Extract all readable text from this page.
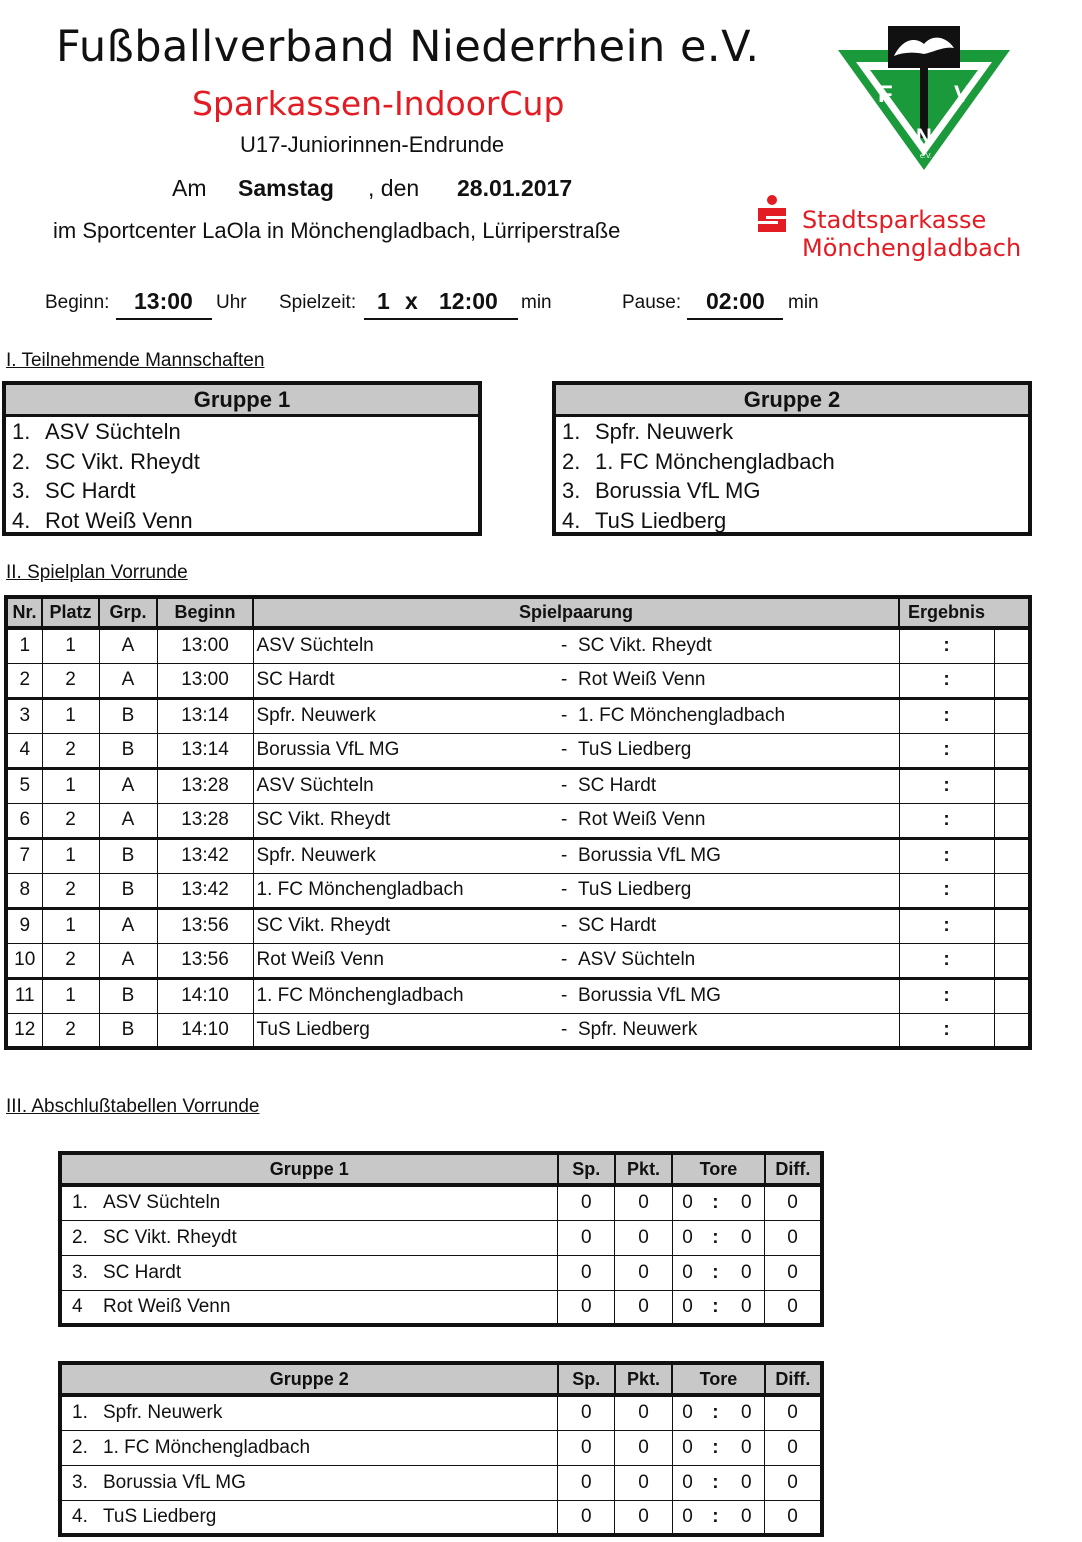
Fußballverband Niederrhein e.V.
Sparkassen-IndoorCup
U17-Juniorinnen-Endrunde
Am Samstag , den 28.01.2017
im Sportcenter LaOla in Mönchengladbach, Lürriperstraße
F	V
N
e.V.
Stadtsparkasse
Mönchengladbach
Beginn: 13:00 Uhr Spielzeit: 1 x 12:00 min	Pause: 02:00 min
I. Teilnehmende Mannschaften
Gruppe 1
1. ASV Süchteln
2. SC Vikt. Rheydt
3. SC Hardt
4. Rot Weiß Venn
Gruppe 2
1. Spfr. Neuwerk
2. 1. FC Mönchengladbach
3. Borussia VfL MG
4. TuS Liedberg
II. Spielplan Vorrunde
Nr.	Platz	Grp.	Beginn	Spielpaarung		Ergebnis	
1	1	A	13:00	ASV Süchteln	- SC Vikt. Rheydt	:	
2	2	A	13:00	SC Hardt	- Rot Weiß Venn	:	
3	1	B	13:14	Spfr. Neuwerk	- 1. FC Mönchengladbach	:	
4	2	B	13:14	Borussia VfL MG	- TuS Liedberg	:	
5	1	A	13:28	ASV Süchteln	- SC Hardt	:	
6	2	A	13:28	SC Vikt. Rheydt	- Rot Weiß Venn	:	
7	1	B	13:42	Spfr. Neuwerk	- Borussia VfL MG	:	
8	2	B	13:42	1. FC Mönchengladbach	- TuS Liedberg	:	
9	1	A	13:56	SC Vikt. Rheydt	- SC Hardt	:	
10	2	A	13:56	Rot Weiß Venn	- ASV Süchteln	:	
11	1	B	14:10	1. FC Mönchengladbach	- Borussia VfL MG	:	
12	2	B	14:10	TuS Liedberg	- Spfr. Neuwerk	:	
III. Abschlußtabellen Vorrunde
Gruppe 1	Sp.	Pkt.	Tore			Diff.
1. ASV Süchteln	0	0	0	:	0	0
2. SC Vikt. Rheydt	0	0	0	:	0	0
3. SC Hardt	0	0	0	:	0	0
4 Rot Weiß Venn	0	0	0	:	0	0
Gruppe 2	Sp.	Pkt.	Tore			Diff.
1. Spfr. Neuwerk	0	0	0	:	0	0
2. 1. FC Mönchengladbach	0	0	0	:	0	0
3. Borussia VfL MG	0	0	0	:	0	0
4. TuS Liedberg	0	0	0	:	0	0
